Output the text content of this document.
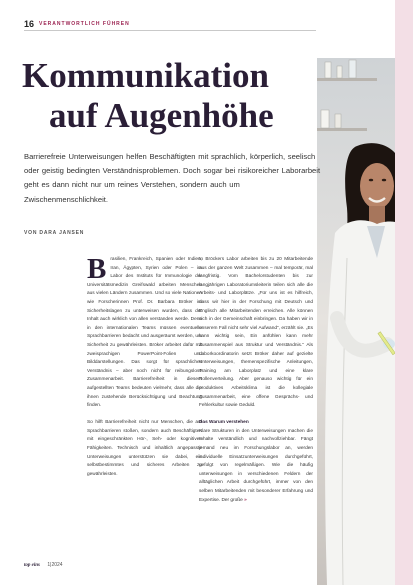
16 VERANTWORTLICH FÜHREN
Kommunikation
auf Augenhöhe

Barrierefreie Unterweisungen helfen Beschäftigten mit sprachlich, körperlich, seelisch oder geistig bedingten Verständnisproblemen. Doch sogar bei risikoreicher Laborarbeit geht es dann nicht nur um reines Verstehen, sondern auch um Zwischenmenschlichkeit.

VON DARA JANSEN

Brasilien, Frankreich, Spanien oder Indien, Iran, Ägypten, Syrien oder Polen – im Labor des Instituts für Immunologie der Universitätsmedizin Greifswald arbeiten Menschen aus vielen Ländern zusammen. Und so viele Nationen wie Forscherinnen Prof. Dr. Barbara Bröker im Sicherheitslagen zu unterweisen wurden, dass der Inhalt auch wirklich von allen verstanden werde. Denn in den internationalen Teams müssen eventuelle Sprachbarrieren bedacht und ausgeräumt werden, um Sicherheit zu gewährleisten. Bröker arbeitet dafür mit zweisprachigen PowerPoint-Folien und Bilddarstellungen. Das sorgt für sprachliches Verständnis – aber noch nicht für reibungslose Zusammenarbeit. Barrierefreiheit in diesem aufgestellten Teams bedeuten vielmehr, dass alle die ihnen zustehende Berücksichtigung und Beachtung finden.

So hilft Barrierefreiheit nicht nur Menschen, die auf Sprachbarrieren stoßen, sondern auch Beschäftigten mit eingeschränkten Hör-, Seh- oder kognitiven Fähigkeiten. Technisch und inhaltlich angepasste Unterweisungen unterstützen sie dabei, ein selbstbestimmtes und sicheres Arbeiten zu gewährleisten.

In Bröckers Labor arbeiten bis zu 20 Mitarbeitende aus der ganzen Welt zusammen – mal temporär, mal langfristig. Vom Bachelorstudenten bis zur langjährigen Laboratoriumsleiterin teilen sich alle die Arbeits- und Laborplätze. „Für uns ist es hilfreich, dass wir hier in der Forschung mit Deutsch und Englisch alle Mitarbeitenden erreichen. Alle können sich in der Gemeinschaft einbringen. Da haben wir in unserem Fall nicht sehr viel Aufwand“, erzählt sie. „Es kann wichtig sein, Ein anfühlen kann mehr Zusammenspiel aus Struktur und Verständnis.“ Als Laborkoordinatorin setzt Bröker daher auf gezielte Unterweisungen, themenspezifische Anleitungen, Training am Laborplatz und eine klare Rollenverteilung. Aber genauso wichtig für ein produktives Arbeitsklima ist die kollegiale Zusammenarbeit, eine offene Gesprächs- und Fehlerkultur sowie Geduld.

Das Warum verstehen

Klare Strukturen in den Unterweisungen machen die Inhalte verständlich und nachvollziehbar. Fängt jemand neu im Forschungslabor an, werden individuelle Einsatzunterweisungen durchgeführt, gefolgt von regelmäßigen. Wie die häufig unterweisungen in verschiedenen Feldern der alltäglichen Arbeit durchgeführt, immer von den selben Mitarbeitenden mit besonderer Erfahrung und Expertise. Der große »

top eins 1|2024
